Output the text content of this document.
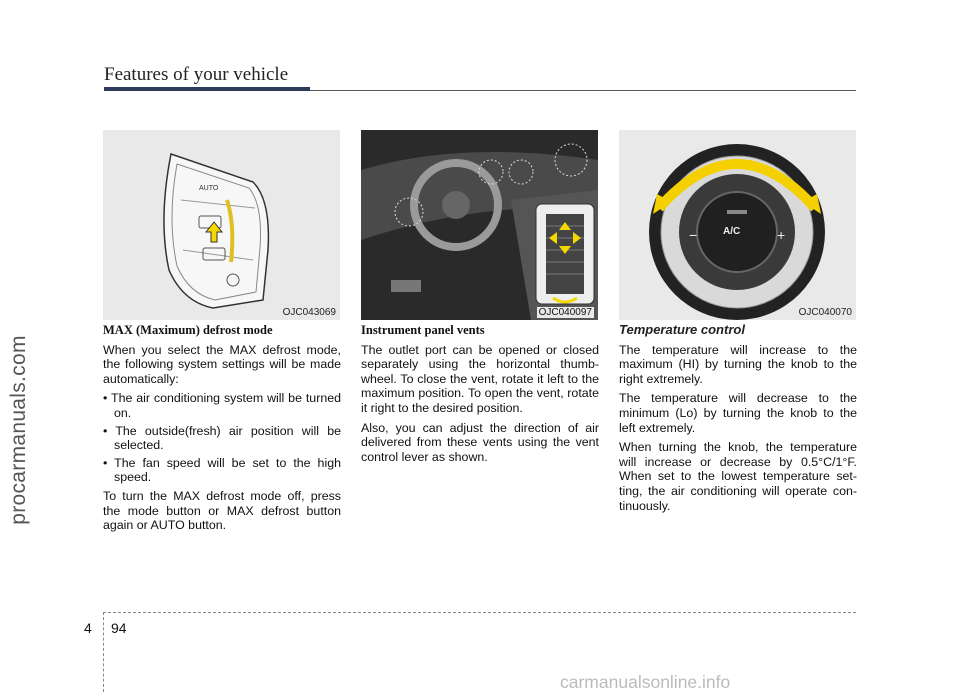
procarmanuals.com
Features of your vehicle
AUTO
OJC043069	OJC040097
A/C
−	+
OJC040070
MAX (Maximum) defrost mode

When you select the MAX defrost mode, the following system settings will be made automatically:

• The air conditioning system will be turned on.
• The outside(fresh) air position will be selected.
• The fan speed will be set to the high speed.

To turn the MAX defrost mode off, press the mode button or MAX defrost button again or AUTO button.

Instrument panel vents

The outlet port can be opened or closed separately using the horizontal thumb-wheel. To close the vent, rotate it left to the maximum position. To open the vent, rotate it right to the desired position.

Also, you can adjust the direction of air delivered from these vents using the vent control lever as shown.

Temperature control

The temperature will increase to the maximum (HI) by turning the knob to the right extremely.

The temperature will decrease to the minimum (Lo) by turning the knob to the left extremely.

When turning the knob, the temperature will increase or decrease by 0.5°C/1°F. When set to the lowest temperature set-ting, the air conditioning will operate con-tinuously.

4 94
carmanualsonline.info
